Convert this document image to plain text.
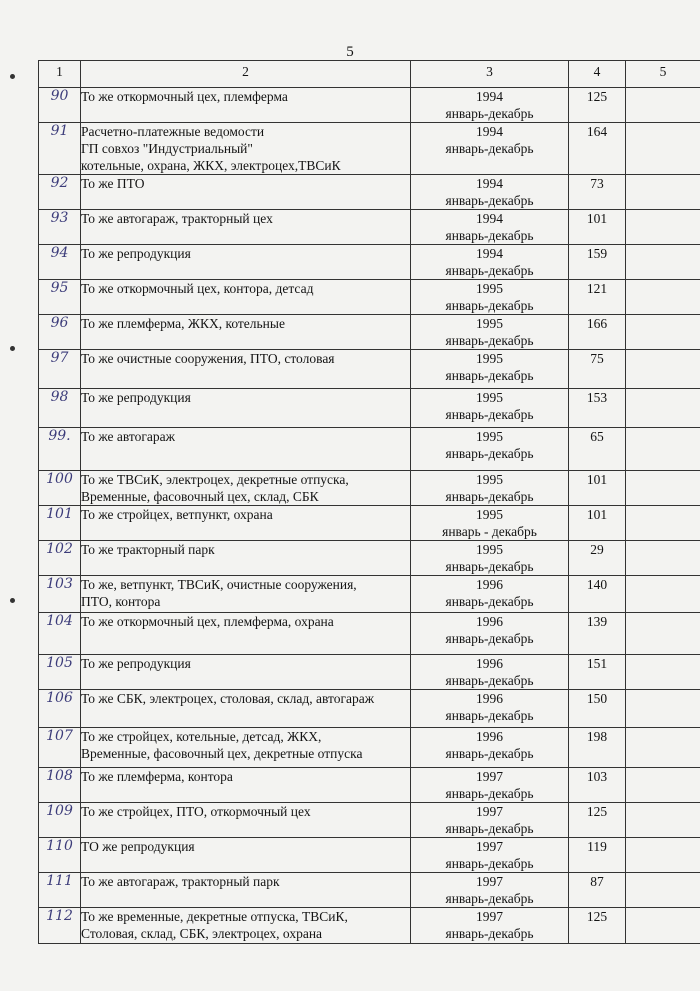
5
1	2	3	4	5
90	То же откормочный цех, племферма	1994
январь-декабрь	125	
91	Расчетно-платежные ведомости
ГП совхоз "Индустриальный"
котельные, охрана, ЖКХ, электроцех,ТВСиК	1994
январь-декабрь	164	
92	То же ПТО	1994
январь-декабрь	73	
93	То же автогараж, тракторный цех	1994
январь-декабрь	101	
94	То же репродукция	1994
январь-декабрь	159	
95	То же откормочный цех, контора, детсад	1995
январь-декабрь	121	
96	То же племферма, ЖКХ, котельные	1995
январь-декабрь	166	
97	То же очистные сооружения, ПТО, столовая	1995
январь-декабрь	75	
98	То же репродукция	1995
январь-декабрь	153	
99.	То же автогараж	1995
январь-декабрь	65	
100	То же ТВСиК, электроцех, декретные отпуска,
Временные, фасовочный цех, склад, СБК	1995
январь-декабрь	101	
101	То же стройцех, ветпункт, охрана	1995
январь - декабрь	101	
102	То же тракторный парк	1995
январь-декабрь	29	
103	То же, ветпункт, ТВСиК, очистные сооружения,
ПТО, контора	1996
январь-декабрь	140	
104	То же откормочный цех, племферма, охрана	1996
январь-декабрь	139	
105	То же репродукция	1996
январь-декабрь	151	
106	То же СБК, электроцех, столовая, склад, автогараж	1996
январь-декабрь	150	
107	То же стройцех, котельные, детсад, ЖКХ,
Временные, фасовочный цех, декретные отпуска	1996
январь-декабрь	198	
108	То же племферма, контора	1997
январь-декабрь	103	
109	То же стройцех, ПТО, откормочный цех	1997
январь-декабрь	125	
110	ТО же репродукция	1997
январь-декабрь	119	
111	То же автогараж, тракторный парк	1997
январь-декабрь	87	
112	То же временные, декретные отпуска, ТВСиК,
Столовая, склад, СБК, электроцех, охрана	1997
январь-декабрь	125	
